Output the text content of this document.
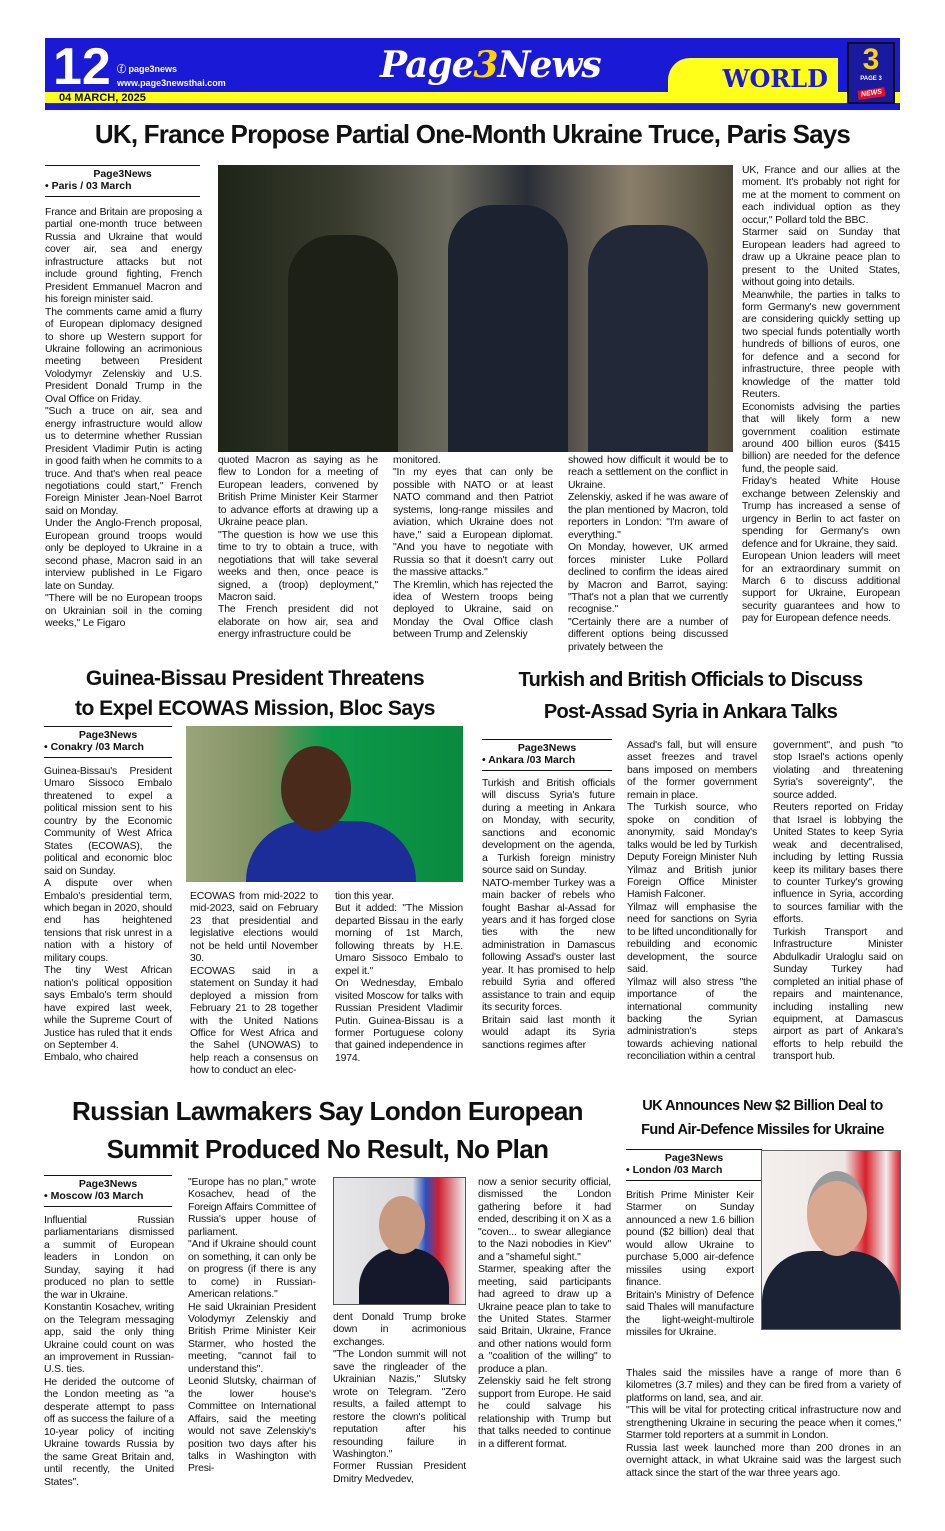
12 ⓕ page3news
www.page3newsthai.com
04 MARCH, 2025
Page3News	WORLD
3
PAGE 3
NEWS
UK, France Propose Partial One-Month Ukraine Truce, Paris Says
Page3News
• Paris / 03 March

France and Britain are proposing a partial one-month truce between Russia and Ukraine that would cover air, sea and energy infrastructure attacks but not include ground fighting, French President Emmanuel Macron and his foreign minister said.

The comments came amid a flurry of European diplomacy designed to shore up Western support for Ukraine following an acrimonious meeting between President Volodymyr Zelenskiy and U.S. President Donald Trump in the Oval Office on Friday.

"Such a truce on air, sea and energy infrastructure would allow us to determine whether Russian President Vladimir Putin is acting in good faith when he commits to a truce. And that's when real peace negotiations could start," French Foreign Minister Jean-Noel Barrot said on Monday.

Under the Anglo-French proposal, European ground troops would only be deployed to Ukraine in a second phase, Macron said in an interview published in Le Figaro late on Sunday.

"There will be no European troops on Ukrainian soil in the coming weeks," Le Figaro

quoted Macron as saying as he flew to London for a meeting of European leaders, convened by British Prime Minister Keir Starmer to advance efforts at drawing up a Ukraine peace plan.

"The question is how we use this time to try to obtain a truce, with negotiations that will take several weeks and then, once peace is signed, a (troop) deployment," Macron said.

The French president did not elaborate on how air, sea and energy infrastructure could be

monitored.

"In my eyes that can only be possible with NATO or at least NATO command and then Patriot systems, long-range missiles and aviation, which Ukraine does not have," said a European diplomat. "And you have to negotiate with Russia so that it doesn't carry out the massive attacks."

The Kremlin, which has rejected the idea of Western troops being deployed to Ukraine, said on Monday the Oval Office clash between Trump and Zelenskiy

showed how difficult it would be to reach a settlement on the conflict in Ukraine.

Zelenskiy, asked if he was aware of the plan mentioned by Macron, told reporters in London: "I'm aware of everything."

On Monday, however, UK armed forces minister Luke Pollard declined to confirm the ideas aired by Macron and Barrot, saying: "That's not a plan that we currently recognise."

"Certainly there are a number of different options being discussed privately between the

UK, France and our allies at the moment. It's probably not right for me at the moment to comment on each individual option as they occur," Pollard told the BBC.

Starmer said on Sunday that European leaders had agreed to draw up a Ukraine peace plan to present to the United States, without going into details.

Meanwhile, the parties in talks to form Germany's new government are considering quickly setting up two special funds potentially worth hundreds of billions of euros, one for defence and a second for infrastructure, three people with knowledge of the matter told Reuters.

Economists advising the parties that will likely form a new government coalition estimate around 400 billion euros ($415 billion) are needed for the defence fund, the people said.

Friday's heated White House exchange between Zelenskiy and Trump has increased a sense of urgency in Berlin to act faster on spending for Germany's own defence and for Ukraine, they said.

European Union leaders will meet for an extraordinary summit on March 6 to discuss additional support for Ukraine, European security guarantees and how to pay for European defence needs.

Guinea-Bissau President Threatens
to Expel ECOWAS Mission, Bloc Says
Page3News
• Conakry /03 March

Guinea-Bissau's President Umaro Sissoco Embalo threatened to expel a political mission sent to his country by the Economic Community of West Africa States (ECOWAS), the political and economic bloc said on Sunday.

A dispute over when Embalo's presidential term, which began in 2020, should end has heightened tensions that risk unrest in a nation with a history of military coups.

The tiny West African nation's political opposition says Embalo's term should have expired last week, while the Supreme Court of Justice has ruled that it ends on September 4.

Embalo, who chaired

ECOWAS from mid-2022 to mid-2023, said on February 23 that presidential and legislative elections would not be held until November 30.

ECOWAS said in a statement on Sunday it had deployed a mission from February 21 to 28 together with the United Nations Office for West Africa and the Sahel (UNOWAS) to help reach a consensus on how to conduct an elec-

tion this year.

But it added: "The Mission departed Bissau in the early morning of 1st March, following threats by H.E. Umaro Sissoco Embalo to expel it."

On Wednesday, Embalo visited Moscow for talks with Russian President Vladimir Putin. Guinea-Bissau is a former Portuguese colony that gained independence in 1974.

Turkish and British Officials to Discuss
Post-Assad Syria in Ankara Talks
Page3News
• Ankara /03 March

Turkish and British officials will discuss Syria's future during a meeting in Ankara on Monday, with security, sanctions and economic development on the agenda, a Turkish foreign ministry source said on Sunday.

NATO-member Turkey was a main backer of rebels who fought Bashar al-Assad for years and it has forged close ties with the new administration in Damascus following Assad's ouster last year. It has promised to help rebuild Syria and offered assistance to train and equip its security forces.

Britain said last month it would adapt its Syria sanctions regimes after

Assad's fall, but will ensure asset freezes and travel bans imposed on members of the former government remain in place.

The Turkish source, who spoke on condition of anonymity, said Monday's talks would be led by Turkish Deputy Foreign Minister Nuh Yilmaz and British junior Foreign Office Minister Hamish Falconer.

Yilmaz will emphasise the need for sanctions on Syria to be lifted unconditionally for rebuilding and economic development, the source said.

Yilmaz will also stress "the importance of the international community backing the Syrian administration's steps towards achieving national reconciliation within a central

government", and push "to stop Israel's actions openly violating and threatening Syria's sovereignty", the source added.

Reuters reported on Friday that Israel is lobbying the United States to keep Syria weak and decentralised, including by letting Russia keep its military bases there to counter Turkey's growing influence in Syria, according to sources familiar with the efforts.

Turkish Transport and Infrastructure Minister Abdulkadir Uraloglu said on Sunday Turkey had completed an initial phase of repairs and maintenance, including installing new equipment, at Damascus airport as part of Ankara's efforts to help rebuild the transport hub.

Russian Lawmakers Say London European
Summit Produced No Result, No Plan
Page3News
• Moscow /03 March

Influential Russian parliamentarians dismissed a summit of European leaders in London on Sunday, saying it had produced no plan to settle the war in Ukraine.

Konstantin Kosachev, writing on the Telegram messaging app, said the only thing Ukraine could count on was an improvement in Russian-U.S. ties.

He derided the outcome of the London meeting as "a desperate attempt to pass off as success the failure of a 10-year policy of inciting Ukraine towards Russia by the same Great Britain and, until recently, the United States".

"Europe has no plan," wrote Kosachev, head of the Foreign Affairs Committee of Russia's upper house of parliament.

"And if Ukraine should count on something, it can only be on progress (if there is any to come) in Russian-American relations."

He said Ukrainian President Volodymyr Zelenskiy and British Prime Minister Keir Starmer, who hosted the meeting, "cannot fail to understand this".

Leonid Slutsky, chairman of the lower house's Committee on International Affairs, said the meeting would not save Zelenskiy's position two days after his talks in Washington with Presi-

dent Donald Trump broke down in acrimonious exchanges.

"The London summit will not save the ringleader of the Ukrainian Nazis," Slutsky wrote on Telegram. "Zero results, a failed attempt to restore the clown's political reputation after his resounding failure in Washington."

Former Russian President Dmitry Medvedev,

now a senior security official, dismissed the London gathering before it had ended, describing it on X as a "coven... to swear allegiance to the Nazi nobodies in Kiev" and a "shameful sight."

Starmer, speaking after the meeting, said participants had agreed to draw up a Ukraine peace plan to take to the United States. Starmer said Britain, Ukraine, France and other nations would form a "coalition of the willing" to produce a plan.

Zelenskiy said he felt strong support from Europe. He said he could salvage his relationship with Trump but that talks needed to continue in a different format.

UK Announces New $2 Billion Deal to
Fund Air-Defence Missiles for Ukraine
Page3News
• London /03 March

British Prime Minister Keir Starmer on Sunday announced a new 1.6 billion pound ($2 billion) deal that would allow Ukraine to purchase 5,000 air-defence missiles using export finance.

Britain's Ministry of Defence said Thales will manufacture the light-weight-multirole missiles for Ukraine.

Thales said the missiles have a range of more than 6 kilometres (3.7 miles) and they can be fired from a variety of platforms on land, sea, and air.

"This will be vital for protecting critical infrastructure now and strengthening Ukraine in securing the peace when it comes," Starmer told reporters at a summit in London.

Russia last week launched more than 200 drones in an overnight attack, in what Ukraine said was the largest such attack since the start of the war three years ago.
